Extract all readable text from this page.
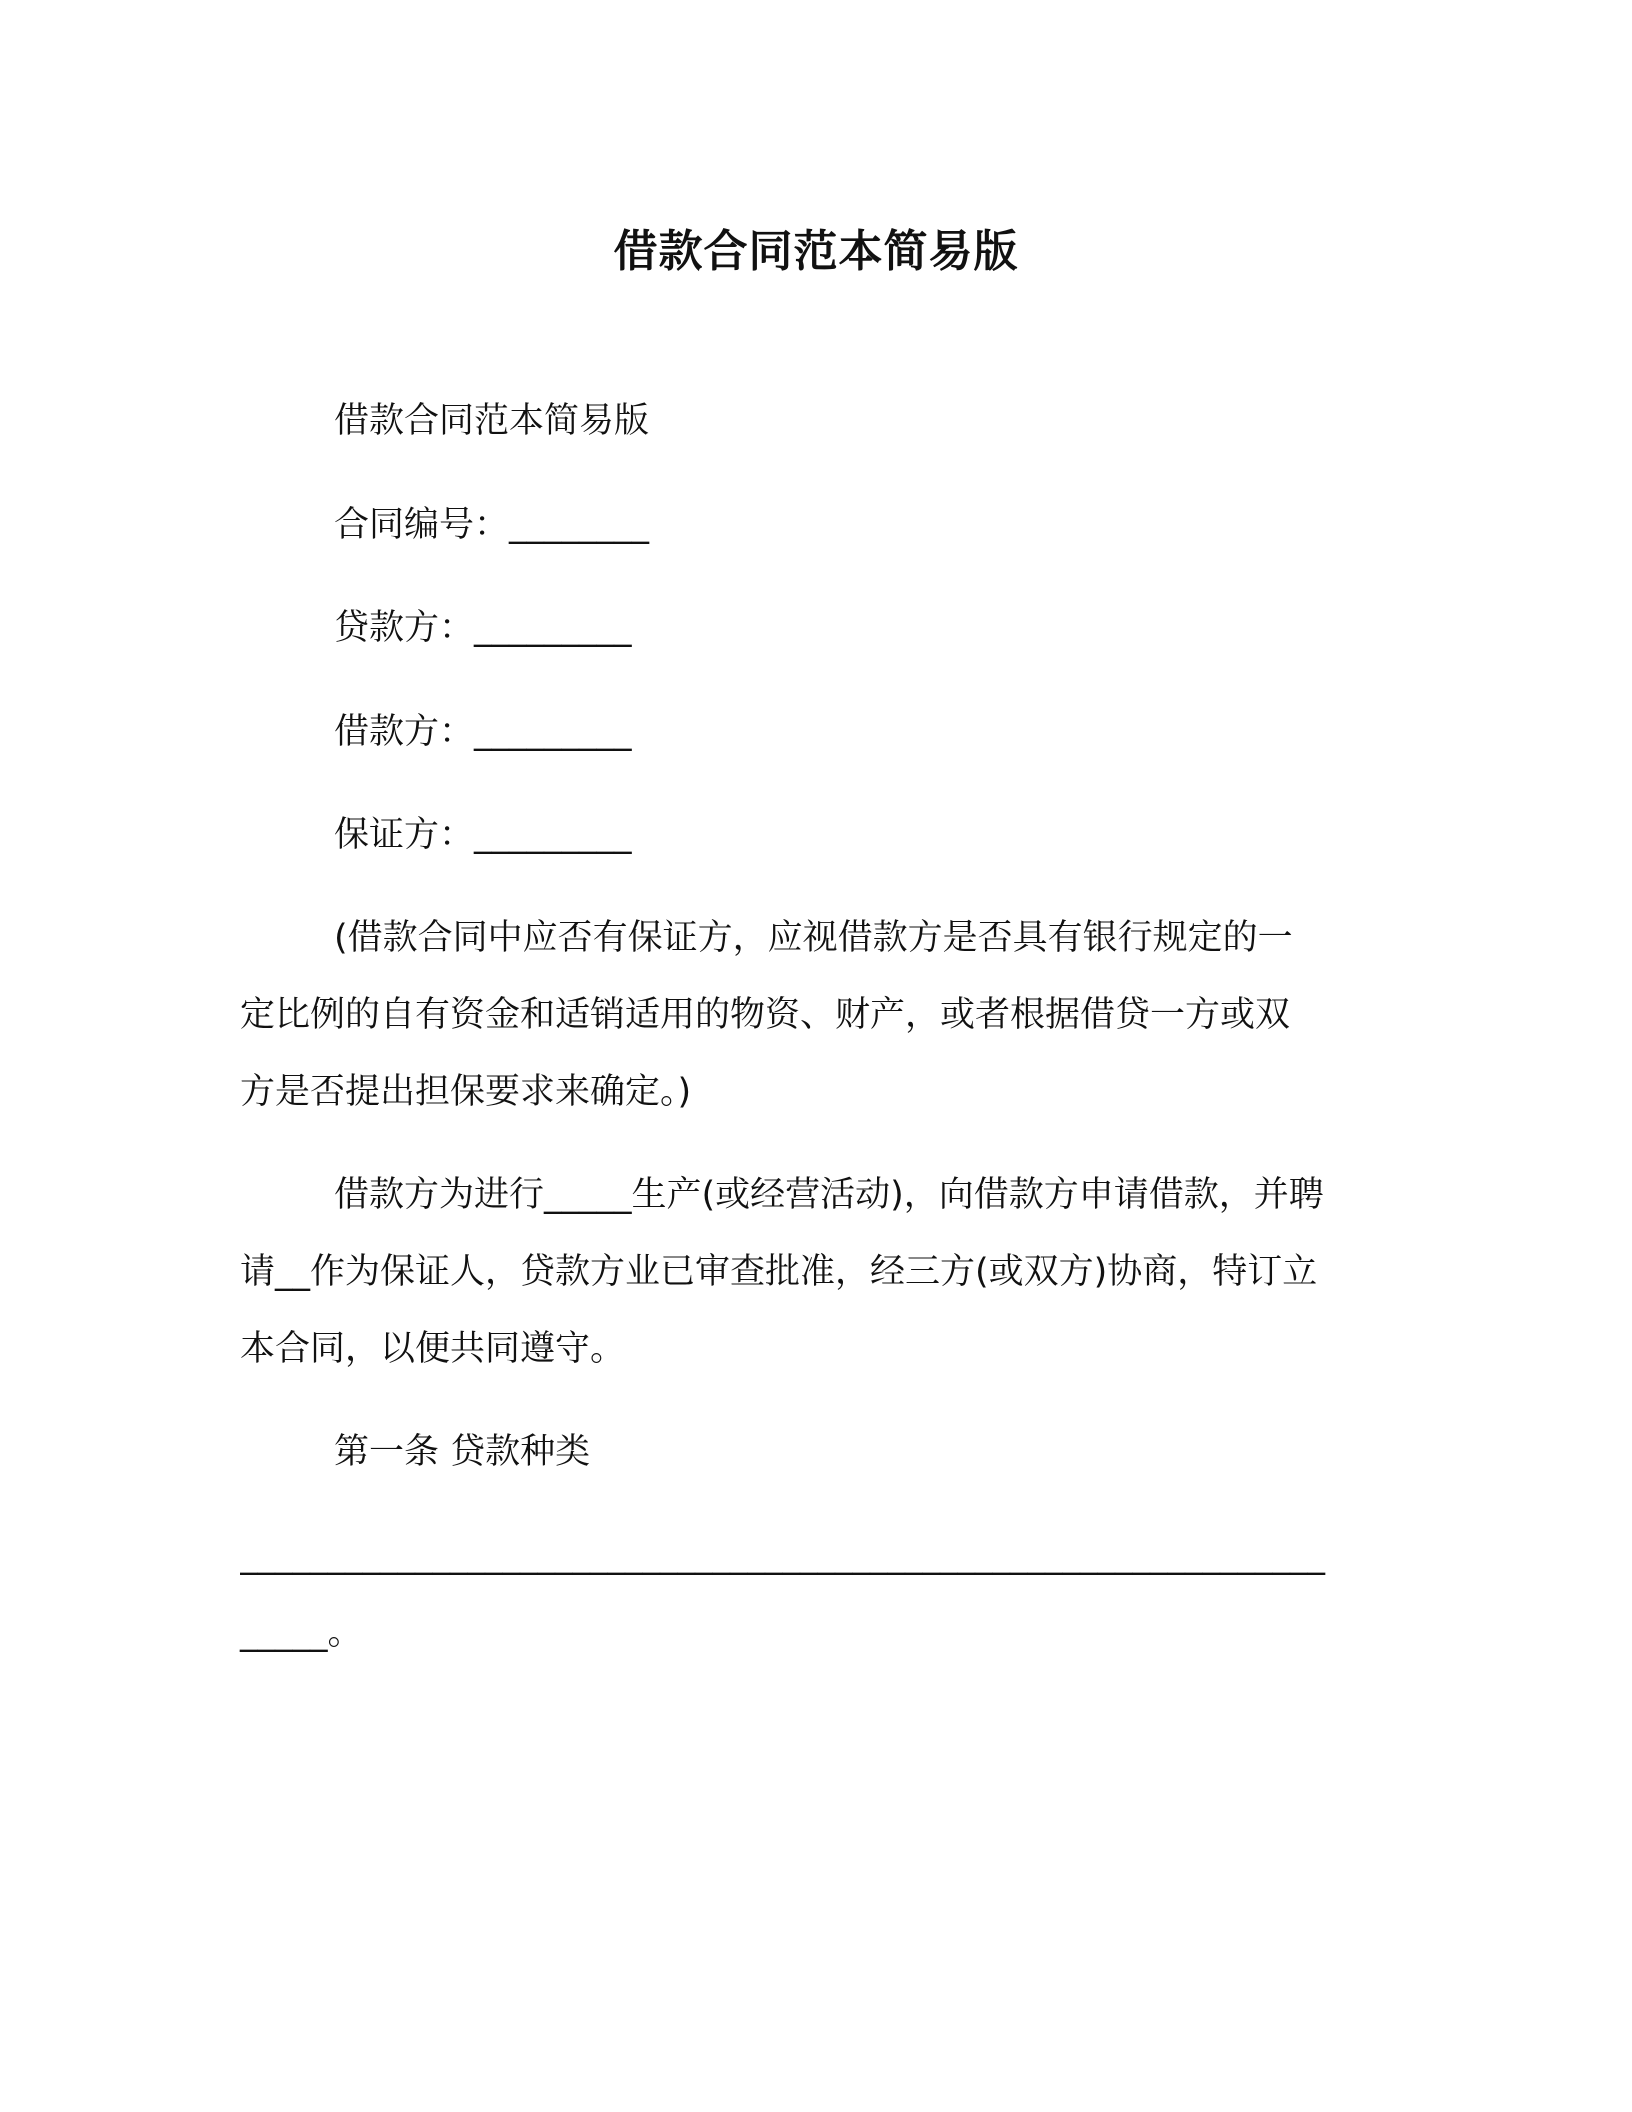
借款合同范本简易版
借款合同范本简易版
合同编号：________
贷款方：_________
借款方：_________
保证方：_________
(借款合同中应否有保证方，应视借款方是否具有银行规定的一
定比例的自有资金和适销适用的物资、财产，或者根据借贷一方或双
方是否提出担保要求来确定。)
借款方为进行_____生产(或经营活动)，向借款方申请借款，并聘
请__作为保证人，贷款方业已审查批准，经三方(或双方)协商，特订立
本合同，以便共同遵守。
第一条 贷款种类
______________________________________________________________
_____。
